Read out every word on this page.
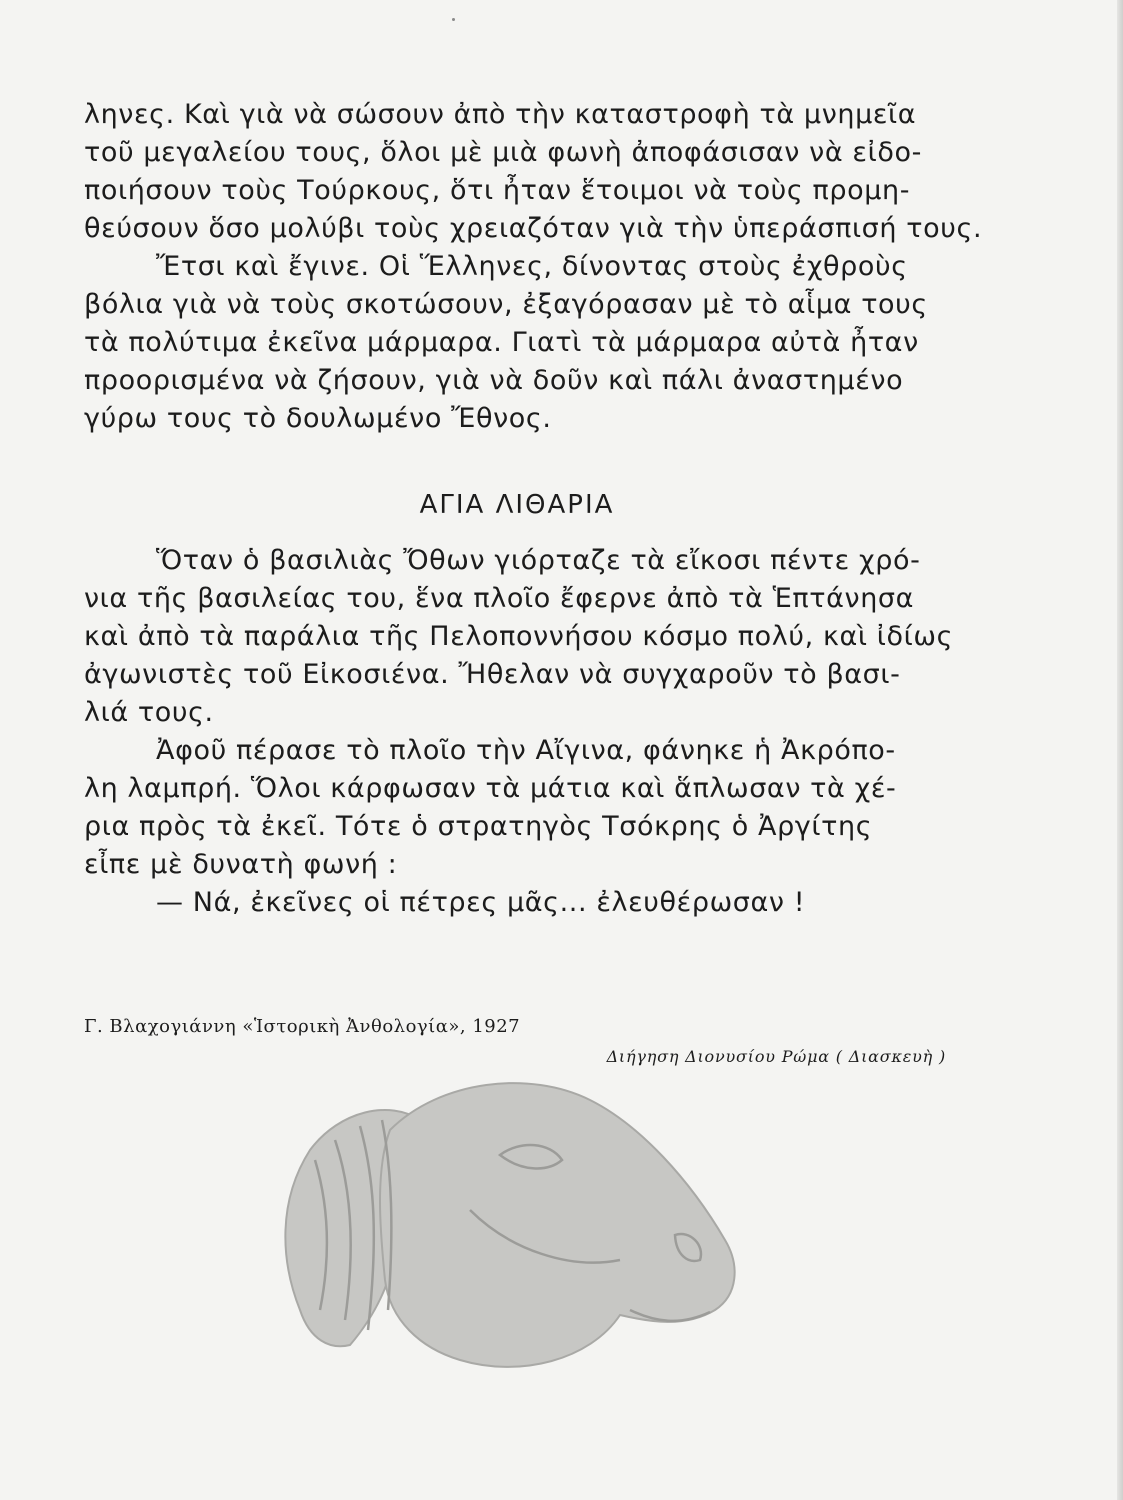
ληνες. Καὶ γιὰ νὰ σώσουν ἀπὸ τὴν καταστροφὴ τὰ μνημεῖα
τοῦ μεγαλείου τους, ὅλοι μὲ μιὰ φωνὴ ἀποφάσισαν νὰ εἰδο-
ποιήσουν τοὺς Τούρκους, ὅτι ἦταν ἕτοιμοι νὰ τοὺς προμη-
θεύσουν ὅσο μολύβι τοὺς χρειαζόταν γιὰ τὴν ὑπεράσπισή τους.

Ἔτσι καὶ ἔγινε. Οἱ Ἕλληνες, δίνοντας στοὺς ἐχθροὺς
βόλια γιὰ νὰ τοὺς σκοτώσουν, ἐξαγόρασαν μὲ τὸ αἷμα τους
τὰ πολύτιμα ἐκεῖνα μάρμαρα. Γιατὶ τὰ μάρμαρα αὐτὰ ἦταν
προορισμένα νὰ ζήσουν, γιὰ νὰ δοῦν καὶ πάλι ἀναστημένο
γύρω τους τὸ δουλωμένο Ἔθνος.

ΑΓΙΑ ΛΙΘΑΡΙΑ

Ὅταν ὁ βασιλιὰς Ὄθων γιόρταζε τὰ εἴκοσι πέντε χρό-
νια τῆς βασιλείας του, ἕνα πλοῖο ἔφερνε ἀπὸ τὰ Ἑπτάνησα
καὶ ἀπὸ τὰ παράλια τῆς Πελοποννήσου κόσμο πολύ, καὶ ἰδίως
ἀγωνιστὲς τοῦ Εἰκοσιένα. Ἤθελαν νὰ συγχαροῦν τὸ βασι-
λιά τους.

Ἀφοῦ πέρασε τὸ πλοῖο τὴν Αἴγινα, φάνηκε ἡ Ἀκρόπο-
λη λαμπρή. Ὅλοι κάρφωσαν τὰ μάτια καὶ ἅπλωσαν τὰ χέ-
ρια πρὸς τὰ ἐκεῖ. Τότε ὁ στρατηγὸς Τσόκρης ὁ Ἀργίτης
εἶπε μὲ δυνατὴ φωνή :

— Νά, ἐκεῖνες οἱ πέτρες μᾶς... ἐλευθέρωσαν !

Γ. Βλαχογιάννη «Ἱστορικὴ Ἀνθολογία», 1927
Διήγηση Διονυσίου Ρώμα ( Διασκευὴ )
